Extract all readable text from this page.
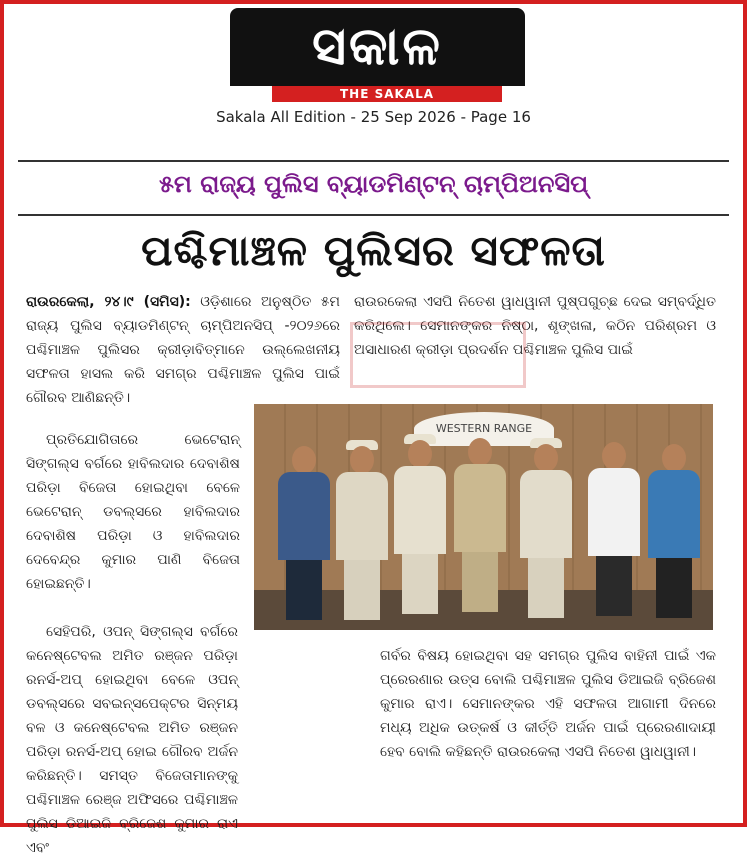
ସକାଳ
THE SAKALA
Sakala All Edition - 25 Sep 2026 - Page 16
୫ମ ରାଜ୍ୟ ପୁଲିସ ବ୍ୟାଡମିଣ୍ଟନ୍ ଚାମ୍ପିଅନସିପ୍
ପଶ୍ଚିମାଞ୍ଚଳ ପୁଲିସର ସଫଳତା

ରାଉରକେଲା, ୨୪।୯ (ସମିସ): ଓଡ଼ିଶାରେ ଅନୁଷ୍ଠିତ ୫ମ ରାଜ୍ୟ ପୁଲିସ ବ୍ୟାଡମିଣ୍ଟନ୍ ଚାମ୍ପିଅନସିପ୍ -୨୦୨୬ରେ ପଶ୍ଚିମାଞ୍ଚଳ ପୁଲିସର କ୍ରୀଡ଼ାବିତ୍ମାନେ ଉଲ୍ଲେଖନୀୟ ସଫଳତା ହାସଲ କରି ସମଗ୍ର ପଶ୍ଚିମାଞ୍ଚଳ ପୁଲିସ ପାଇଁ ଗୌରବ ଆଣିଛନ୍ତି।

ରାଉରକେଲା ଏସପି ନିତେଶ ୱାଧୱାନୀ ପୁଷ୍ପଗୁଚ୍ଛ ଦେଇ ସମ୍ବର୍ଦ୍ଧିତ କରିଥିଲେ। ସେମାନଙ୍କର ନିଷ୍ଠା, ଶୃଙ୍ଖଳା, କଠିନ ପରିଶ୍ରମ ଓ ଅସାଧାରଣ କ୍ରୀଡ଼ା ପ୍ରଦର୍ଶନ ପଶ୍ଚିମାଞ୍ଚଳ ପୁଲିସ ପାଇଁ

ପ୍ରତିଯୋଗିତାରେ ଭେଟେରାନ୍ ସିଙ୍ଗଲ୍ସ ବର୍ଗରେ ହାବିଲଦାର ଦେବାଶିଷ ପରିଡ଼ା ବିଜେତା ହୋଇଥିବା ବେଳେ ଭେଟେରାନ୍ ଡବଲ୍ସରେ ହାବିଲଦାର ଦେବାଶିଷ ପରିଡ଼ା ଓ ହାବିଲଦାର ଦେବେନ୍ଦ୍ର କୁମାର ପାଣି ବିଜେତା ହୋଇଛନ୍ତି।

WESTERN RANGE

ସେହିପରି, ଓପନ୍ ସିଙ୍ଗଲ୍ସ ବର୍ଗରେ କନେଷ୍ଟେବଲ ଅମିତ ରଞ୍ଜନ ପରିଡ଼ା ରନର୍ସ-ଅପ୍ ହୋଇଥିବା ବେଳେ ଓପନ୍ ଡବଲ୍ସରେ ସବଇନ୍ସପେକ୍ଟର ସିନ୍ମୟ ବଳ ଓ କନେଷ୍ଟେବଲ ଅମିତ ରଞ୍ଜନ ପରିଡ଼ା ରନର୍ସ-ଅପ୍ ହୋଇ ଗୌରବ ଅର୍ଜନ କରିଛନ୍ତି। ସମସ୍ତ ବିଜେତାମାନଙ୍କୁ ପଶ୍ଚିମାଞ୍ଚଳ ରେଞ୍ଜ ଅଫିସରେ ପଶ୍ଚିମାଞ୍ଚଳ ପୁଲିସ ଡିଆଇଜି ବ୍ରିଜେଶ କୁମାର ରାଏ ଏବଂ

ଗର୍ବର ବିଷୟ ହୋଇଥିବା ସହ ସମଗ୍ର ପୁଲିସ ବାହିନୀ ପାଇଁ ଏକ ପ୍ରେରଣାର ଉତ୍ସ ବୋଲି ପଶ୍ଚିମାଞ୍ଚଳ ପୁଲିସ ଡିଆଇଜି ବ୍ରିଜେଶ କୁମାର ରାଏ। ସେମାନଙ୍କର ଏହି ସଫଳତା ଆଗାମୀ ଦିନରେ ମଧ୍ୟ ଅଧିକ ଉତ୍କର୍ଷ ଓ କୀର୍ତ୍ତି ଅର୍ଜନ ପାଇଁ ପ୍ରେରଣାଦାୟୀ ହେବ ବୋଲି କହିଛନ୍ତି ରାଉରକେଲା ଏସପି ନିତେଶ ୱାଧୱାନୀ।
